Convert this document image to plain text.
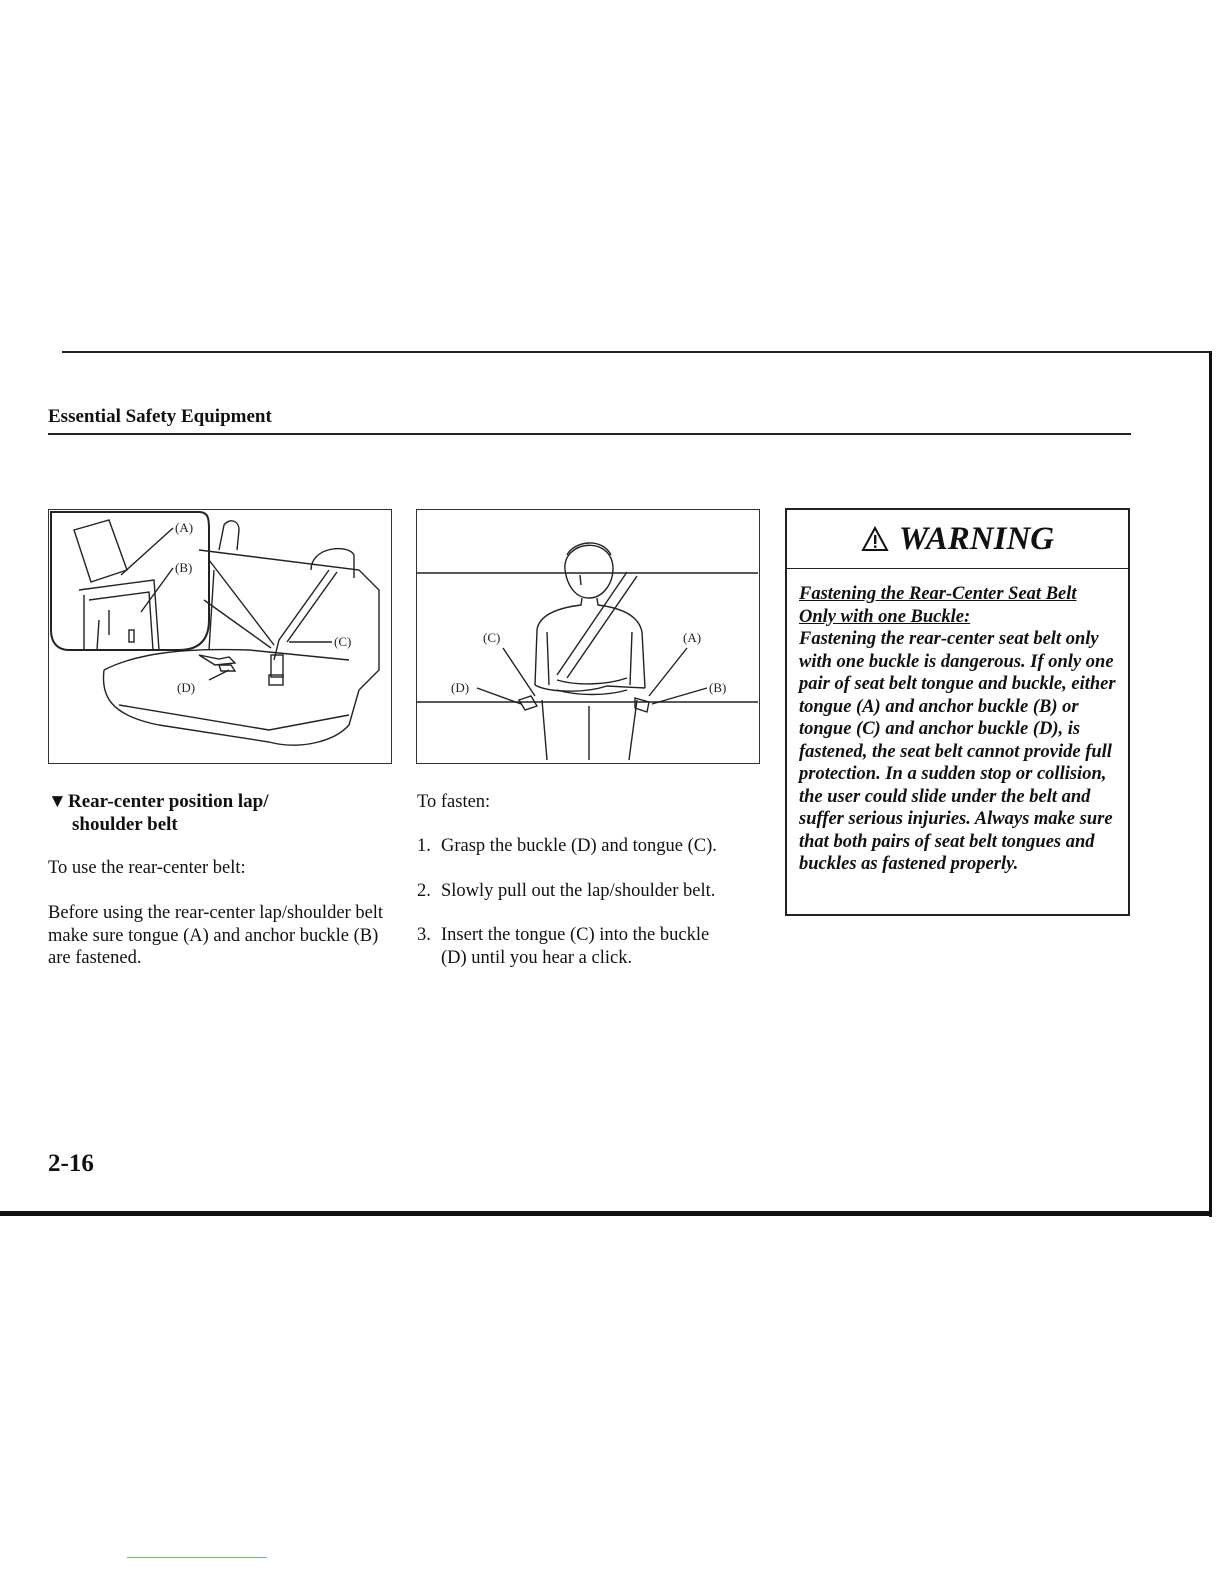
Essential Safety Equipment
(A)
(B)
(C)
(D)
(C)	(A)
(D)	(B)
WARNING
Fastening the Rear-Center Seat Belt
Only with one Buckle:
Fastening the rear-center seat belt only with one buckle is dangerous. If only one pair of seat belt tongue and buckle, either tongue (A) and anchor buckle (B) or tongue (C) and anchor buckle (D), is fastened, the seat belt cannot provide full protection. In a sudden stop or collision, the user could slide under the belt and suffer serious injuries. Always make sure that both pairs of seat belt tongues and buckles as fastened properly.
▼Rear-center position lap/
shoulder belt
To use the rear-center belt:
Before using the rear-center lap/shoulder belt make sure tongue (A) and anchor buckle (B) are fastened.
To fasten:
1. Grasp the buckle (D) and tongue (C).
2. Slowly pull out the lap/shoulder belt.
3. Insert the tongue (C) into the buckle
(D) until you hear a click.
2-16
